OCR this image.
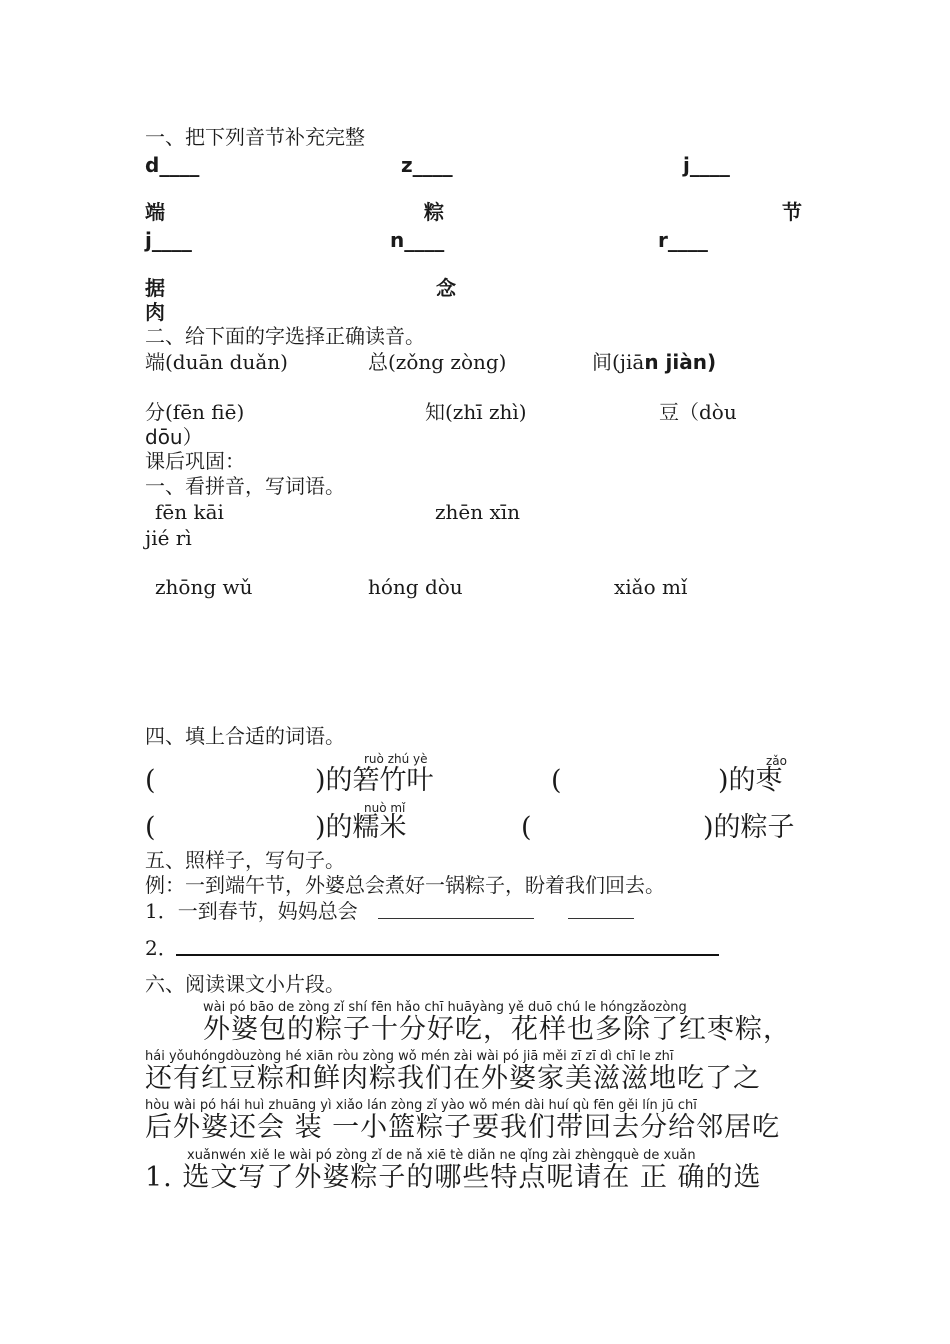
一、把下列音节补充完整
d____	z____	j____
端	粽	节
j____	n____	r____
据	念
肉
二、给下面的字选择正确读音。
端(duān duǎn)	总(zǒng zòng)	间(jiān jiàn)
分(fēn fiē)	知(zhī zhì)	豆（dòu
dōu）
课后巩固：
一、看拼音，写词语。
fēn kāi	zhēn xīn
jié rì
zhōng wǔ	hóng dòu	xiǎo mǐ
四、填上合适的词语。
ruò zhú yè	zǎo
(	)的箬竹叶	(	)的枣
nuò mǐ
(	)的糯米	(	)的粽子
五、照样子，写句子。
例：一到端午节，外婆总会煮好一锅粽子，盼着我们回去。
1．一到春节，妈妈总会
2．
六、阅读课文小片段。
wài pó bāo de zòng zǐ shí fēn hǎo chī huāyàng yě duō chú le hóngzǎozòng
外婆包的粽子十分好吃，花样也多除了红枣粽，
hái yǒuhóngdòuzòng hé xiān ròu zòng wǒ mén zài wài pó jiā měi zī zī dì chī le zhī
还有红豆粽和鲜肉粽我们在外婆家美滋滋地吃了之
hòu wài pó hái huì zhuāng yì xiǎo lán zòng zǐ yào wǒ mén dài huí qù fēn gěi lín jū chī
后外婆还会 装 一小篮粽子要我们带回去分给邻居吃
xuǎnwén xiě le wài pó zòng zǐ de nǎ xiē tè diǎn ne qǐng zài zhèngquè de xuǎn
1. 选文写了外婆粽子的哪些特点呢请在 正 确的选
